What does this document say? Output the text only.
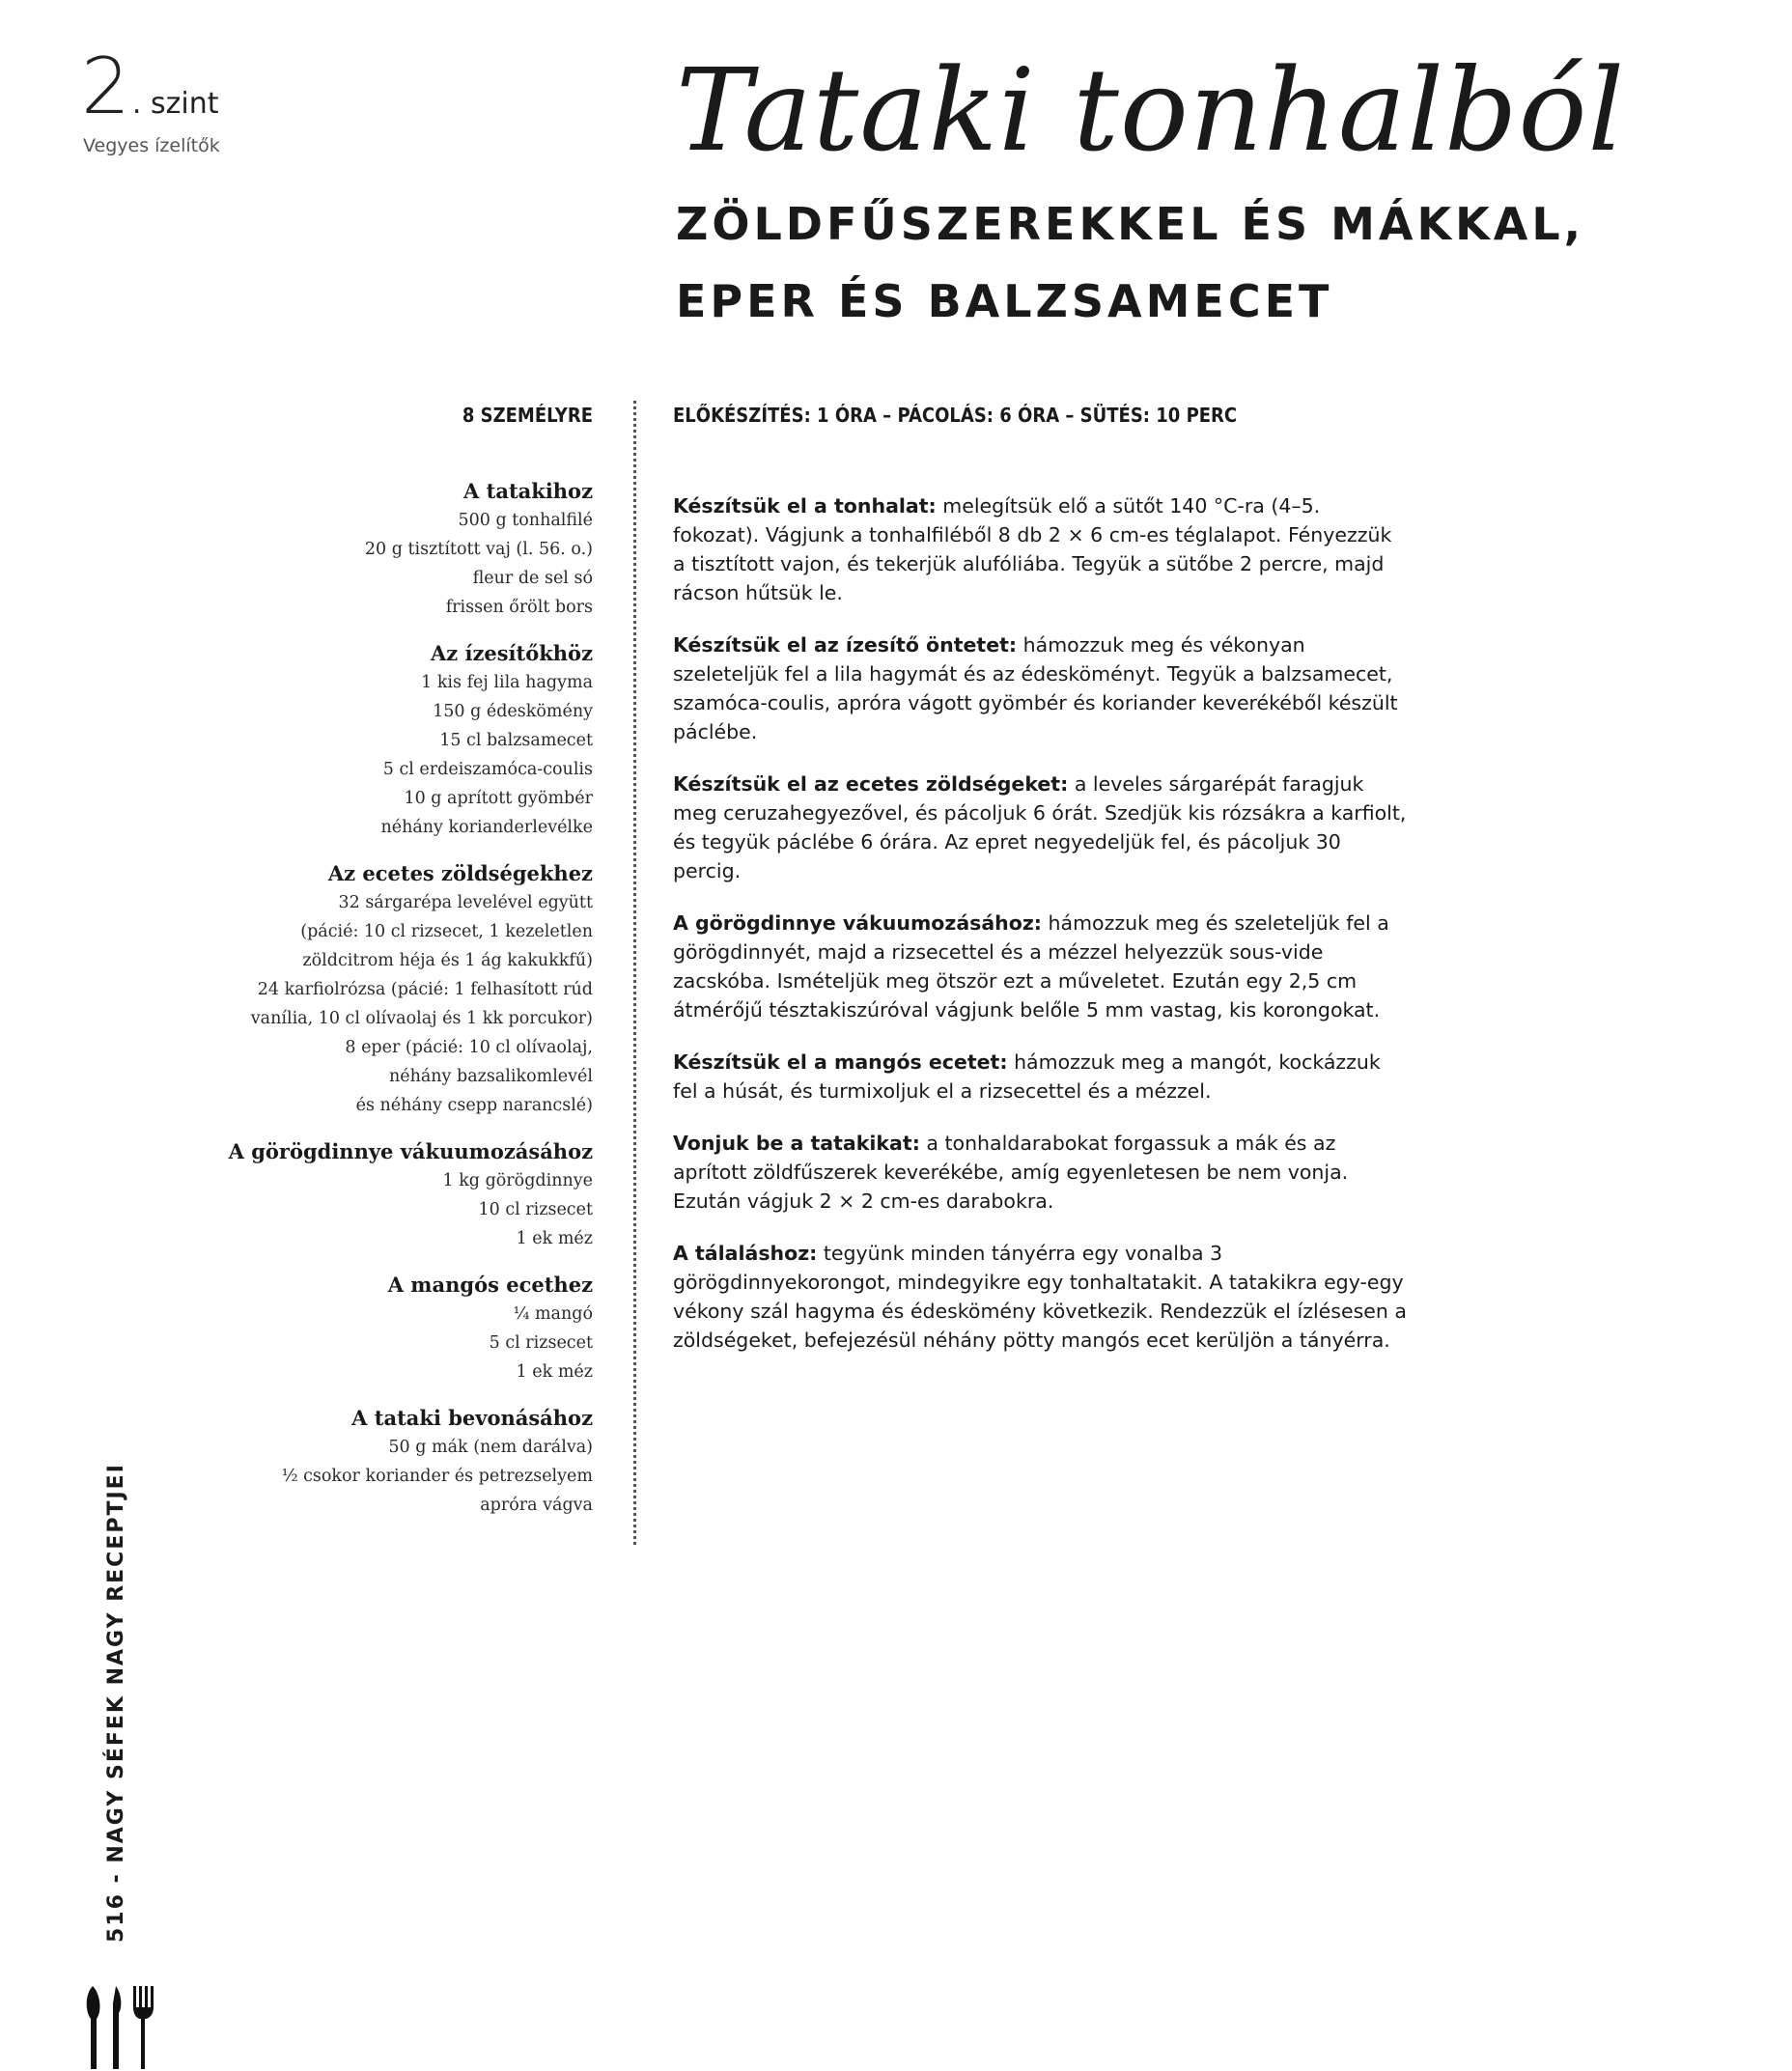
2. szint
Vegyes ízelítők	Tataki tonhalból
ZÖLDFŰSZEREKKEL ÉS MÁKKAL,
EPER ÉS BALZSAMECET
8 SZEMÉLYRE	ELŐKÉSZÍTÉS: 1 ÓRA – PÁCOLÁS: 6 ÓRA – SÜTÉS: 10 PERC
A tatakihoz
500 g tonhalfilé
20 g tisztított vaj (l. 56. o.)
fleur de sel só
frissen őrölt bors
Az ízesítőkhöz
1 kis fej lila hagyma
150 g édeskömény
15 cl balzsamecet
5 cl erdeiszamóca-coulis
10 g aprított gyömbér
néhány korianderlevélke
Az ecetes zöldségekhez
32 sárgarépa levelével együtt
(pácié: 10 cl rizsecet, 1 kezeletlen
zöldcitrom héja és 1 ág kakukkfű)
24 karfiolrózsa (pácié: 1 felhasított rúd
vanília, 10 cl olívaolaj és 1 kk porcukor)
8 eper (pácié: 10 cl olívaolaj,
néhány bazsalikomlevél
és néhány csepp narancslé)
A görögdinnye vákuumozásához
1 kg görögdinnye
10 cl rizsecet
1 ek méz
A mangós ecethez
¼ mangó
5 cl rizsecet
1 ek méz
A tataki bevonásához
50 g mák (nem darálva)
½ csokor koriander és petrezselyem
apróra vágva

Készítsük el a tonhalat: melegítsük elő a sütőt 140 °C-ra (4–5. fokozat). Vágjunk a tonhalfiléből 8 db 2 × 6 cm-es téglalapot. Fényezzük a tisztított vajon, és tekerjük alufóliába. Tegyük a sütőbe 2 percre, majd rácson hűtsük le.

Készítsük el az ízesítő öntetet: hámozzuk meg és vékonyan szeleteljük fel a lila hagymát és az édesköményt. Tegyük a balzsamecet, szamóca-coulis, apróra vágott gyömbér és koriander keverékéből készült páclébe.

Készítsük el az ecetes zöldségeket: a leveles sárgarépát faragjuk meg ceruzahegyezővel, és pácoljuk 6 órát. Szedjük kis rózsákra a karfiolt, és tegyük páclébe 6 órára. Az epret negyedeljük fel, és pácoljuk 30 percig.

A görögdinnye vákuumozásához: hámozzuk meg és szeleteljük fel a görögdinnyét, majd a rizsecettel és a mézzel helyezzük sous-vide zacskóba. Ismételjük meg ötször ezt a műveletet. Ezután egy 2,5 cm átmérőjű tésztakiszúróval vágjunk belőle 5 mm vastag, kis korongokat.

Készítsük el a mangós ecetet: hámozzuk meg a mangót, kockázzuk fel a húsát, és turmixoljuk el a rizsecettel és a mézzel.

Vonjuk be a tatakikat: a tonhaldarabokat forgassuk a mák és az aprított zöldfűszerek keverékébe, amíg egyenletesen be nem vonja. Ezután vágjuk 2 × 2 cm-es darabokra.

A tálaláshoz: tegyünk minden tányérra egy vonalba 3 görögdinnyekorongot, mindegyikre egy tonhaltatakit. A tatakikra egy-egy vékony szál hagyma és édeskömény következik. Rendezzük el ízlésesen a zöldségeket, befejezésül néhány pötty mangós ecet kerüljön a tányérra.

516 - NAGY SÉFEK NAGY RECEPTJEI
